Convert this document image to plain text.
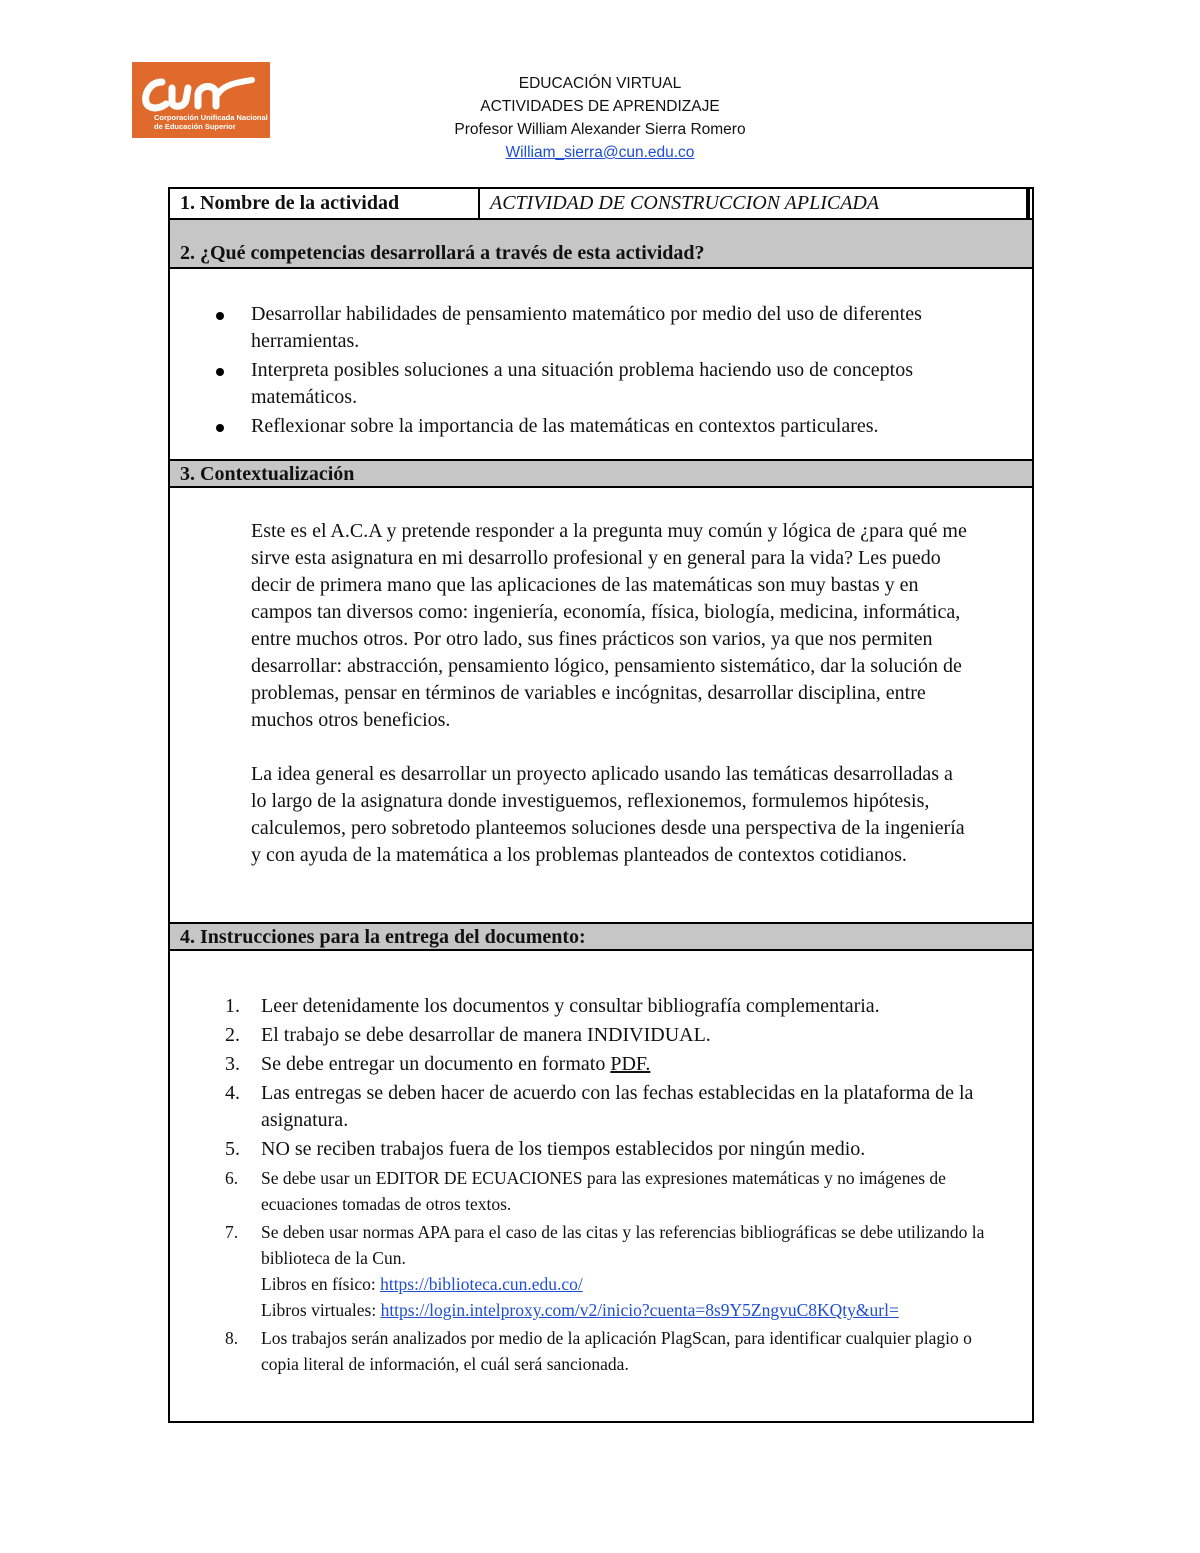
Corporación Unificada Nacional
de Educación Superior
EDUCACIÓN VIRTUAL
ACTIVIDADES DE APRENDIZAJE
Profesor William Alexander Sierra Romero
William_sierra@cun.edu.co
1. Nombre de la actividad	ACTIVIDAD DE CONSTRUCCION APLICADA
2. ¿Qué competencias desarrollará a través de esta actividad?
Desarrollar habilidades de pensamiento matemático por medio del uso de diferentes herramientas.
Interpreta posibles soluciones a una situación problema haciendo uso de conceptos matemáticos.
Reflexionar sobre la importancia de las matemáticas en contextos particulares.
3. Contextualización

Este es el A.C.A y pretende responder a la pregunta muy común y lógica de ¿para qué me sirve esta asignatura en mi desarrollo profesional y en general para la vida? Les puedo decir de primera mano que las aplicaciones de las matemáticas son muy bastas y en campos tan diversos como: ingeniería, economía, física, biología, medicina, informática, entre muchos otros. Por otro lado, sus fines prácticos son varios, ya que nos permiten desarrollar: abstracción, pensamiento lógico, pensamiento sistemático, dar la solución de problemas, pensar en términos de variables e incógnitas, desarrollar disciplina, entre muchos otros beneficios.

La idea general es desarrollar un proyecto aplicado usando las temáticas desarrolladas a lo largo de la asignatura donde investiguemos, reflexionemos, formulemos hipótesis, calculemos, pero sobretodo planteemos soluciones desde una perspectiva de la ingeniería y con ayuda de la matemática a los problemas planteados de contextos cotidianos.

4. Instrucciones para la entrega del documento:
1. Leer detenidamente los documentos y consultar bibliografía complementaria.
2. El trabajo se debe desarrollar de manera INDIVIDUAL.
3. Se debe entregar un documento en formato PDF.
4. Las entregas se deben hacer de acuerdo con las fechas establecidas en la plataforma de la asignatura.
5. NO se reciben trabajos fuera de los tiempos establecidos por ningún medio.
6. Se debe usar un EDITOR DE ECUACIONES para las expresiones matemáticas y no imágenes de ecuaciones tomadas de otros textos.
7. Se deben usar normas APA para el caso de las citas y las referencias bibliográficas se debe utilizando la biblioteca de la Cun.
Libros en físico: https://biblioteca.cun.edu.co/
Libros virtuales: https://login.intelproxy.com/v2/inicio?cuenta=8s9Y5ZngvuC8KQty&url=
8. Los trabajos serán analizados por medio de la aplicación PlagScan, para identificar cualquier plagio o copia literal de información, el cuál será sancionada.
